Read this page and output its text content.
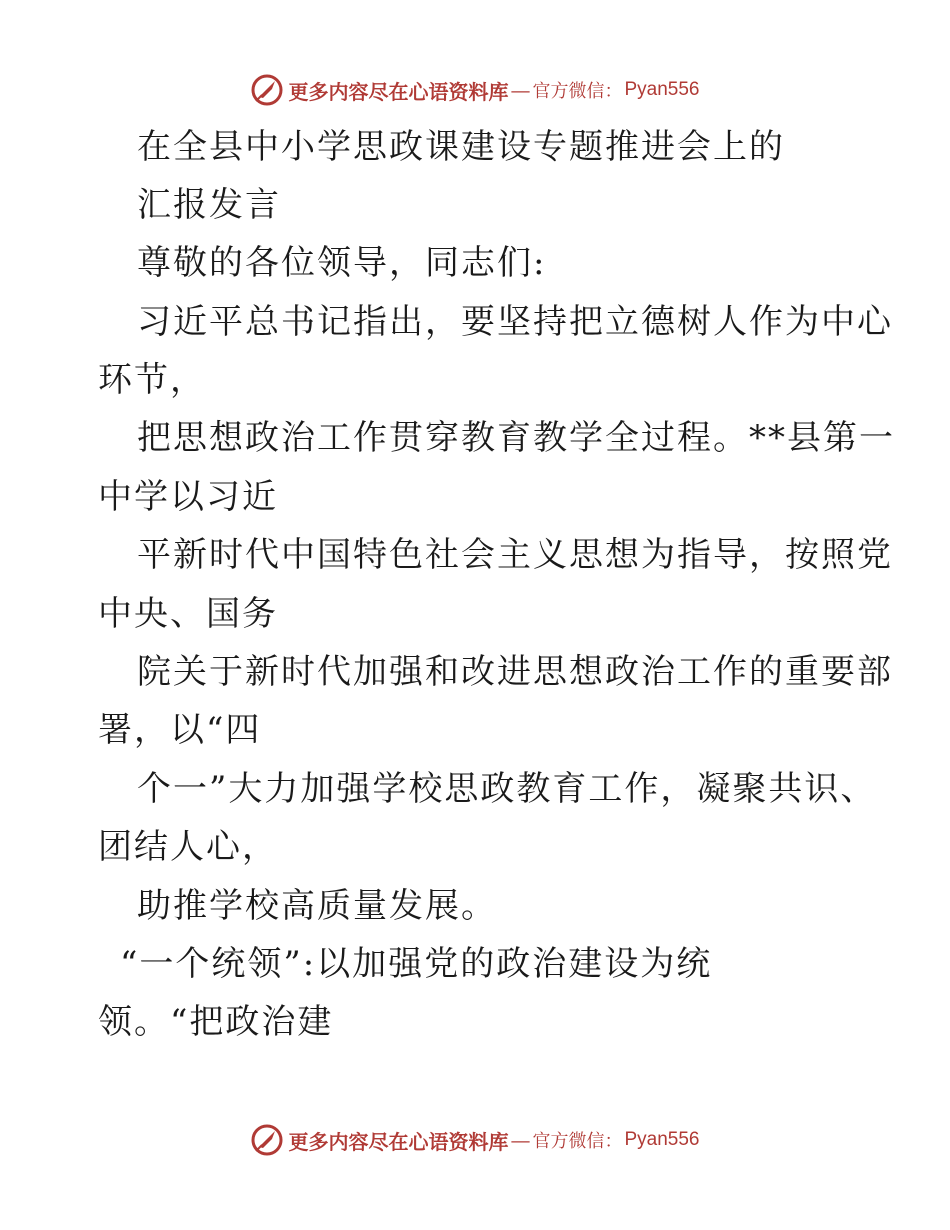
更多内容尽在心语资料库 — 官方微信： Pyan556
在全县中小学思政课建设专题推进会上的
汇报发言
尊敬的各位领导，同志们:
习近平总书记指出，要坚持把立德树人作为中心
环节，
把思想政治工作贯穿教育教学全过程。**县第一
中学以习近
平新时代中国特色社会主义思想为指导，按照党
中央、国务
院关于新时代加强和改进思想政治工作的重要部
署，以“四
个一”大力加强学校思政教育工作，凝聚共识、
团结人心，
助推学校高质量发展。
“一个统领”:以加强党的政治建设为统
领。“把政治建
更多内容尽在心语资料库 — 官方微信： Pyan556
